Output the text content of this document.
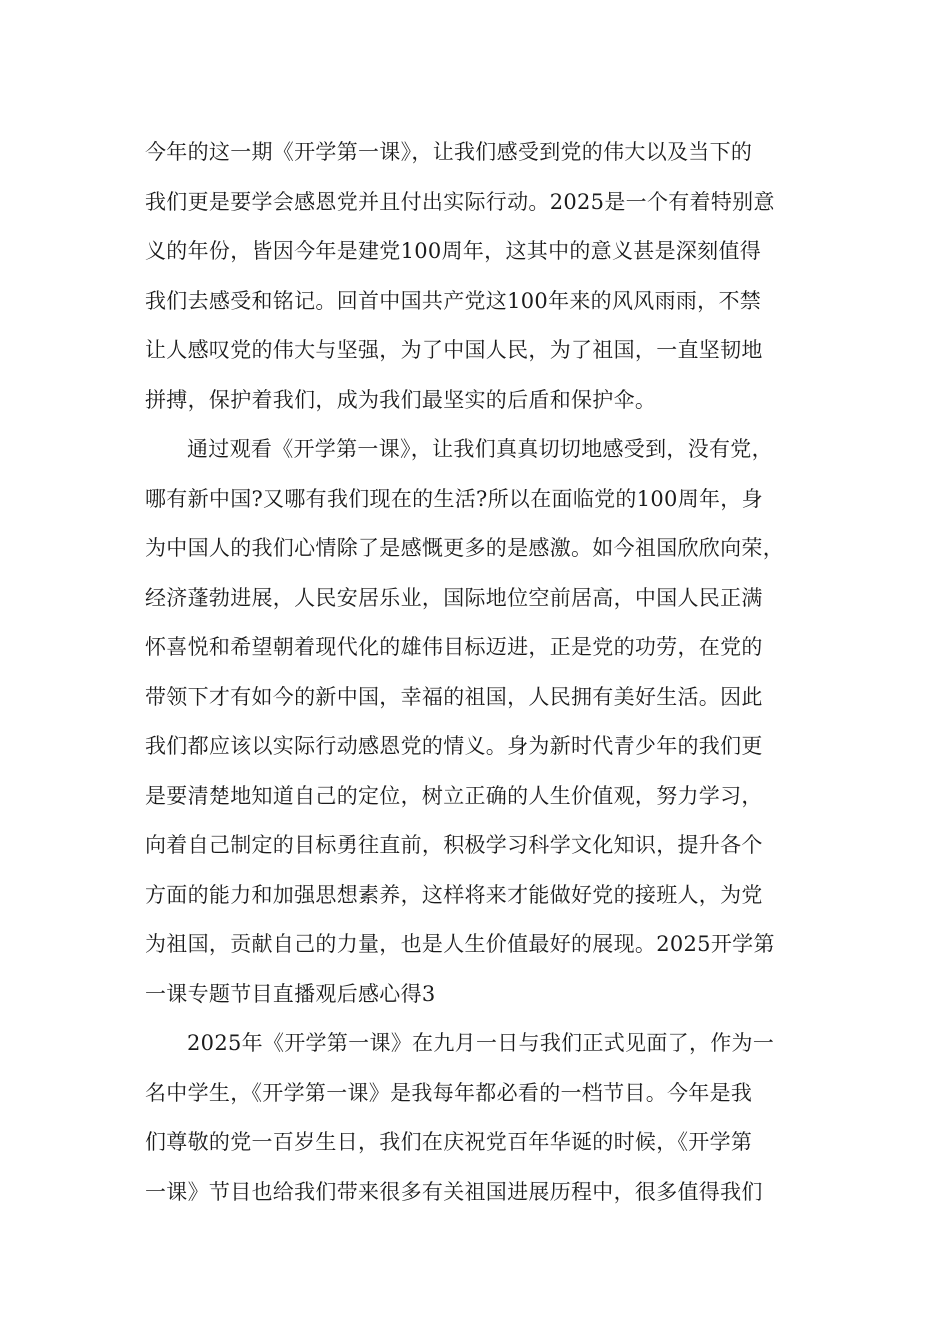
今年的这一期《开学第一课》，让我们感受到党的伟大以及当下的
我们更是要学会感恩党并且付出实际行动。2025是一个有着特别意
义的年份，皆因今年是建党100周年，这其中的意义甚是深刻值得
我们去感受和铭记。回首中国共产党这100年来的风风雨雨，不禁
让人感叹党的伟大与坚强，为了中国人民，为了祖国，一直坚韧地
拼搏，保护着我们，成为我们最坚实的后盾和保护伞。
通过观看《开学第一课》，让我们真真切切地感受到，没有党，
哪有新中国?又哪有我们现在的生活?所以在面临党的100周年，身
为中国人的我们心情除了是感慨更多的是感激。如今祖国欣欣向荣，
经济蓬勃进展，人民安居乐业，国际地位空前居高，中国人民正满
怀喜悦和希望朝着现代化的雄伟目标迈进，正是党的功劳，在党的
带领下才有如今的新中国，幸福的祖国，人民拥有美好生活。因此
我们都应该以实际行动感恩党的情义。身为新时代青少年的我们更
是要清楚地知道自己的定位，树立正确的人生价值观，努力学习，
向着自己制定的目标勇往直前，积极学习科学文化知识，提升各个
方面的能力和加强思想素养，这样将来才能做好党的接班人，为党
为祖国，贡献自己的力量，也是人生价值最好的展现。2025开学第
一课专题节目直播观后感心得3
2025年《开学第一课》在九月一日与我们正式见面了，作为一
名中学生，《开学第一课》是我每年都必看的一档节目。今年是我
们尊敬的党一百岁生日，我们在庆祝党百年华诞的时候，《开学第
一课》节目也给我们带来很多有关祖国进展历程中，很多值得我们
